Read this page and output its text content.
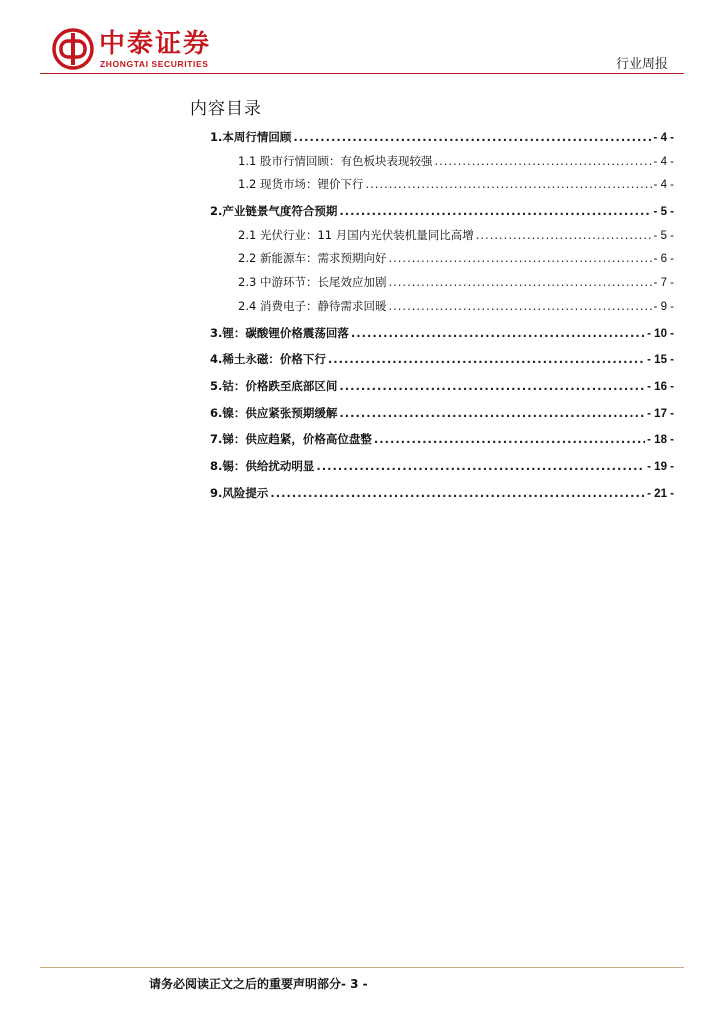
中泰证券
ZHONGTAI SECURITIES	行业周报
内容目录
1.本周行情回顾 .....	- 4 -
1.1 股市行情回顾：有色板块表现较强 .....	- 4 -
1.2 现货市场：锂价下行 .....	- 4 -
2.产业链景气度符合预期 .....	- 5 -
2.1 光伏行业：11 月国内光伏装机量同比高增 .....	- 5 -
2.2 新能源车：需求预期向好 .....	- 6 -
2.3 中游环节：长尾效应加剧 .....	- 7 -
2.4 消费电子：静待需求回暖 .....	- 9 -
3.锂：碳酸锂价格震荡回落 .....	- 10 -
4.稀土永磁：价格下行 .....	- 15 -
5.钴：价格跌至底部区间 .....	- 16 -
6.镍：供应紧张预期缓解 .....	- 17 -
7.锑：供应趋紧，价格高位盘整 .....	- 18 -
8.锡：供给扰动明显 .....	- 19 -
9.风险提示 .....	- 21 -
请务必阅读正文之后的重要声明部分- 3 -
